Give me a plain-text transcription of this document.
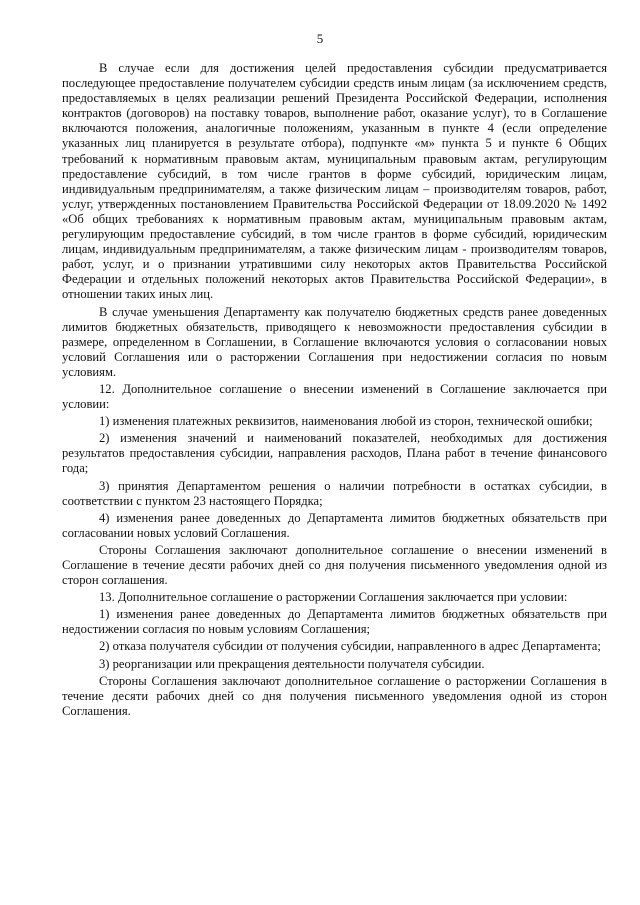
5

В случае если для достижения целей предоставления субсидии предусматривается последующее предоставление получателем субсидии средств иным лицам (за исключением средств, предоставляемых в целях реализации решений Президента Российской Федерации, исполнения контрактов (договоров) на поставку товаров, выполнение работ, оказание услуг), то в Соглашение включаются положения, аналогичные положениям, указанным в пункте 4 (если определение указанных лиц планируется в результате отбора), подпункте «м» пункта 5 и пункте 6 Общих требований к нормативным правовым актам, муниципальным правовым актам, регулирующим предоставление субсидий, в том числе грантов в форме субсидий, юридическим лицам, индивидуальным предпринимателям, а также физическим лицам – производителям товаров, работ, услуг, утвержденных постановлением Правительства Российской Федерации от 18.09.2020 № 1492 «Об общих требованиях к нормативным правовым актам, муниципальным правовым актам, регулирующим предоставление субсидий, в том числе грантов в форме субсидий, юридическим лицам, индивидуальным предпринимателям, а также физическим лицам - производителям товаров, работ, услуг, и о признании утратившими силу некоторых актов Правительства Российской Федерации и отдельных положений некоторых актов Правительства Российской Федерации», в отношении таких иных лиц.

В случае уменьшения Департаменту как получателю бюджетных средств ранее доведенных лимитов бюджетных обязательств, приводящего к невозможности предоставления субсидии в размере, определенном в Соглашении, в Соглашение включаются условия о согласовании новых условий Соглашения или о расторжении Соглашения при недостижении согласия по новым условиям.

12. Дополнительное соглашение о внесении изменений в Соглашение заключается при условии:

1) изменения платежных реквизитов, наименования любой из сторон, технической ошибки;

2) изменения значений и наименований показателей, необходимых для достижения результатов предоставления субсидии, направления расходов, Плана работ в течение финансового года;

3) принятия Департаментом решения о наличии потребности в остатках субсидии, в соответствии с пунктом 23 настоящего Порядка;

4) изменения ранее доведенных до Департамента лимитов бюджетных обязательств при согласовании новых условий Соглашения.

Стороны Соглашения заключают дополнительное соглашение о внесении изменений в Соглашение в течение десяти рабочих дней со дня получения письменного уведомления одной из сторон соглашения.

13. Дополнительное соглашение о расторжении Соглашения заключается при условии:

1) изменения ранее доведенных до Департамента лимитов бюджетных обязательств при недостижении согласия по новым условиям Соглашения;

2) отказа получателя субсидии от получения субсидии, направленного в адрес Департамента;

3) реорганизации или прекращения деятельности получателя субсидии.

Стороны Соглашения заключают дополнительное соглашение о расторжении Соглашения в течение десяти рабочих дней со дня получения письменного уведомления одной из сторон Соглашения.
